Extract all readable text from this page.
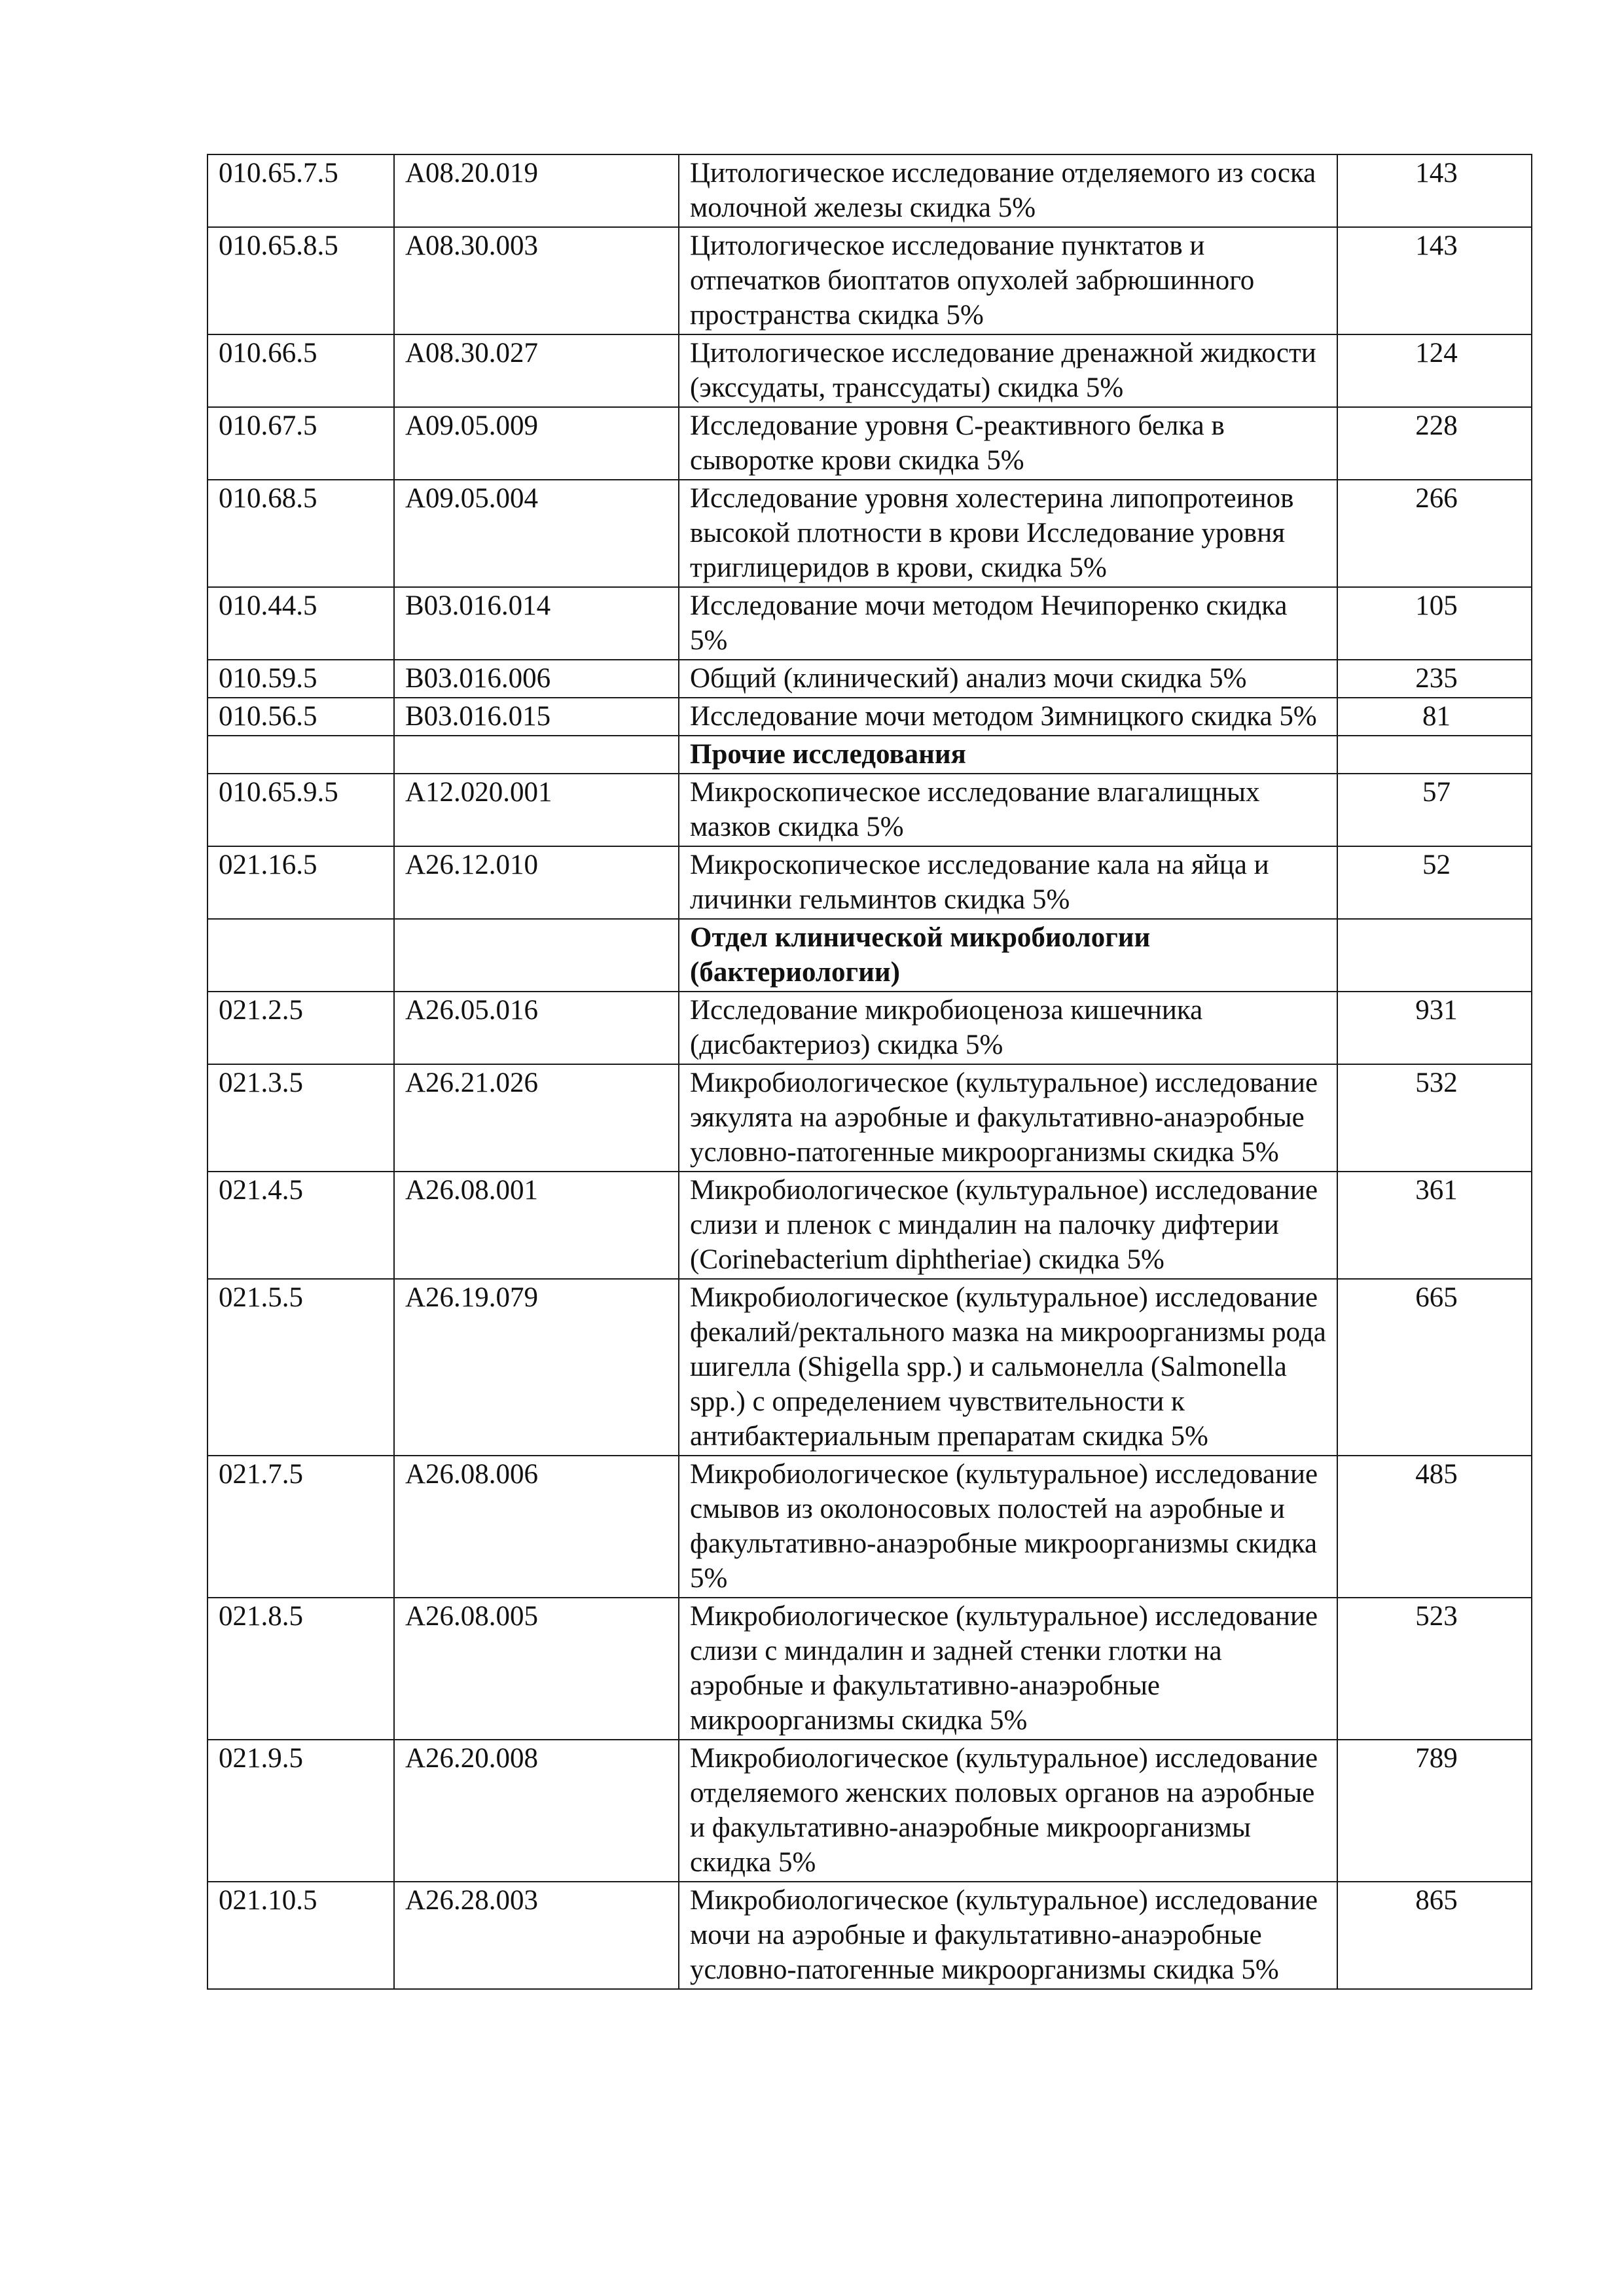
010.65.7.5	A08.20.019	Цитологическое исследование отделяемого из соска молочной железы скидка 5%	143
010.65.8.5	A08.30.003	Цитологическое исследование пунктатов и отпечатков биоптатов опухолей забрюшинного пространства скидка 5%	143
010.66.5	A08.30.027	Цитологическое исследование дренажной жидкости (экссудаты, транссудаты) скидка 5%	124
010.67.5	A09.05.009	Исследование уровня С-реактивного белка в сыворотке крови скидка 5%	228
010.68.5	A09.05.004	Исследование уровня холестерина липопротеинов высокой плотности в крови Исследование уровня триглицеридов в крови, скидка 5%	266
010.44.5	B03.016.014	Исследование мочи методом Нечипоренко скидка 5%	105
010.59.5	B03.016.006	Общий (клинический) анализ мочи скидка 5%	235
010.56.5	B03.016.015	Исследование мочи методом Зимницкого скидка 5%	81
		Прочие исследования	
010.65.9.5	A12.020.001	Микроскопическое исследование влагалищных мазков скидка 5%	57
021.16.5	A26.12.010	Микроскопическое исследование кала на яйца и личинки гельминтов скидка 5%	52
		Отдел клинической микробиологии (бактериологии)	
021.2.5	A26.05.016	Исследование микробиоценоза кишечника (дисбактериоз) скидка 5%	931
021.3.5	A26.21.026	Микробиологическое (культуральное) исследование эякулята на аэробные и факультативно-анаэробные условно-патогенные микроорганизмы скидка 5%	532
021.4.5	A26.08.001	Микробиологическое (культуральное) исследование слизи и пленок с миндалин на палочку дифтерии (Corinebacterium diphtheriae) скидка 5%	361
021.5.5	A26.19.079	Микробиологическое (культуральное) исследование фекалий/ректального мазка на микроорганизмы рода шигелла (Shigella spp.) и сальмонелла (Salmonella spp.) с определением чувствительности к антибактериальным препаратам скидка 5%	665
021.7.5	A26.08.006	Микробиологическое (культуральное) исследование смывов из околоносовых полостей на аэробные и факультативно-анаэробные микроорганизмы скидка 5%	485
021.8.5	A26.08.005	Микробиологическое (культуральное) исследование слизи с миндалин и задней стенки глотки на аэробные и факультативно-анаэробные микроорганизмы скидка 5%	523
021.9.5	A26.20.008	Микробиологическое (культуральное) исследование отделяемого женских половых органов на аэробные и факультативно-анаэробные микроорганизмы скидка 5%	789
021.10.5	A26.28.003	Микробиологическое (культуральное) исследование мочи на аэробные и факультативно-анаэробные условно-патогенные микроорганизмы скидка 5%	865
